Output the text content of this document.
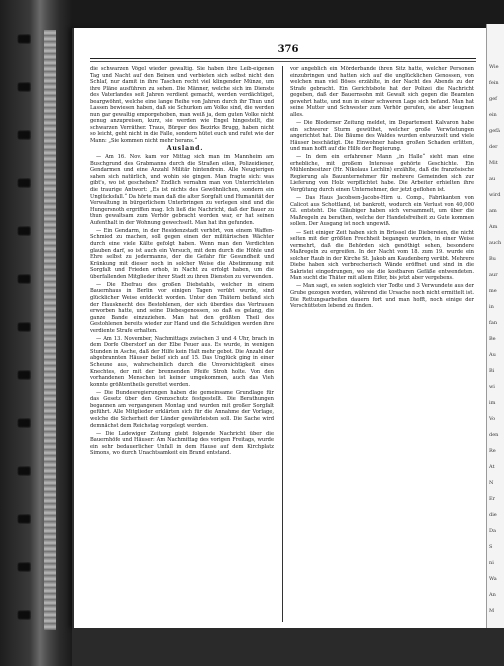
376

die schwarzen Vögel wieder gewaltig. Sie haben ihre Leib-eigenen Tag und Nacht auf den Beinen und verbieten sich selbst nicht den Schlaf, nur damit in ihre Taschen recht viel klingender Münze, um ihre Pläne ausführen zu sehen. Die Männer, welche sich im Dienste des Vaterlandes seit Jahren verdient gemacht, werden verdächtiget, beargwöhnt, welche eine lange Reihe von Jahren durch ihr Thun und Lassen bewiesen haben, daß sie Schurken am Volke sind, die werden nun gar gewaltig emporgehoben, man weiß ja, dem guten Volke nicht genug anzupreisen, kurz, sie werden wie Engel hingestellt, die schwarzen Verräther. Traus, Bürger des Bezirks Brugg, haben nicht so leicht, geht nicht in die Falle, sondern hütet euch und rufet wie der Mann: „Sie kommen nicht mehr herans.“

Ausland.

— Am 16. Nov. kam vor Mittag sich man im Mannheim am Buschgrund des Grabmanns durch die Straßen eilen, Polizeidiener, Gendarmen und eine Anzahl Militär hintendrein. Alle Neugierigen sahen sich natürlich, und wohin sie gingen. Man fragte sich: was gibt's, wo ist geschehen? Endlich vernahm man von Unterrichteten die traurige Antwort: „Es ist nichts des Gewöhnlichen, sondern ein Unglücksfall.“ Da hörte man daß die alter Sorgfalt und Humanität der Verwaltung in bürgerlichem Unterbringen zu verlegen sind und die Hungersnoth ergriffen mag. Ich ließ die Nachricht, daß der Bauer zu thun gewaltsam zum Verhör gebracht worden war, er hat seinen Aufenthalt in der Wohnung gewechselt. Man hat ihn gefunden.

— Ein Gendarm, in der Residenzstadt verhört, von einem Waffen-Schmied zu machen, soll gegen einen der militärischen Wächter durch eine viele Kälte gefolgt haben. Wenn man den Verdichten glauben darf, so ist auch ein Versuch, mit dem durch die Höhle und Ehre selbst zu jedermanns, der die Gefahr für Gesundheit und Kränkung mit dieser noch in solcher Weise die Abstimmung mit Sorgfalt und Frieden erhob, in Nacht zu erfolgt haben, um die überfallenden Mitglieder ihrer Stadt zu ihren Diensten zu verwenden.

— Die Ehefrau des großen Diebstahls, welcher in einem Bauernhaus in Berlin vor einigen Tagen verübt wurde, sind glücklicher Weise entdeckt worden. Unter den Thätern befand sich der Hausknecht des Bestohlenen, der sich überdies das Vertrauen erworben hatte, und seine Diebesgenossen, so daß es gelang, die ganze Bande einzuziehen. Man hat den größten Theil des Gestohlenen bereits wieder zur Hand und die Schuldigen werden ihre verdiente Strafe erhalten.

— Am 13. November, Nachmittags zwischen 3 und 4 Uhr, brach in dem Dorfe Oberstorf an der Elbe Feuer aus. Es wurde, in wenigen Stunden in Asche, daß der Hilfe kein Halt mehr gebot. Die Anzahl der abgebrannten Häuser belief sich auf 15. Das Unglück ging in einer Scheune aus, wahrscheinlich durch die Unvorsichtigkeit eines Knechtes, der mit der brennenden Pfeife Stroh holte. Von den vorhandenen Menschen ist keiner umgekommen, auch das Vieh konnte größtentheils gerettet werden.

— Die Bundesregierungen haben die gemeinsame Grundlage für das Gesetz über den Grenzschutz festgestellt. Die Berathungen begannen am vergangenen Montag und wurden mit großer Sorgfalt geführt. Alle Mitglieder erklärten sich für die Annahme der Vorlage, welche die Sicherheit der Länder gewährleisten soll. Die Sache wird demnächst dem Reichstag vorgelegt werden.

— Die Ladewiger Zeitung giebt folgende Nachricht über die Bauernhöfe und Häuser: Am Nachmittag des vorigen Freitags, wurde ein sehr bedauerlicher Unfall in dem Hause auf dem Kirchplatz Simons, wo durch Unachtsamkeit ein Brand entstand.

vor angeblich ein Mörderbande ihren Sitz hatte, welcher Personen einzubringen und hatten sich auf die unglücklichen Genossen, von welchen man viel Böses erzählte, in der Nacht des Abends zu der Strafe gebracht. Ein Gerichtsbote hat der Polizei die Nachricht gegeben, daß der Bauernsohn mit Gewalt sich gegen die Beamten gewehrt hatte, und nun in einer schweren Lage sich befand. Man hat seine Mutter und Schwester zum Verhör gerufen, sie aber leugnen alles.

— Die Bloderner Zeitung meldet, im Departement Kalvaron habe ein schwerer Sturm gewüthet, welcher große Verwüstungen angerichtet hat. Die Bäume des Waldes wurden entwurzelt und viele Häuser beschädigt. Die Einwohner haben großen Schaden erlitten, und man hofft auf die Hilfe der Regierung.

— In dem ein erfahrener Mann „in Halle“ sieht man eine erhebliche, mit großem Interesse gehörte Geschichte. Ein Mühlenbesitzer (Hr. Nikolaus Lechlin) erzählte, daß die französische Regierung als Bauunternehmer für mehrere Gemeinden sich zur Lieferung von Holz verpflichtet habe. Die Arbeiter erhielten ihre Vergütung durch einen Unternehmer, der jetzt geflohen ist.

— Das Haus Jacobsen-Jacobs-Hirn u. Comp., Fabrikanten von Calicot aus Schottland, ist bankrott, wodurch ein Verlust von 40,000 Gl. entsteht. Die Gläubiger haben sich versammelt, um über die Maßregeln zu berathen, welche der Handelsfreiheit zu Gute kommen sollen. Der Ausgang ist noch ungewiß.

— Seit einiger Zeit haben sich in Brüssel die Diebereien, die nicht selten mit der größten Frechheit begangen wurden, in einer Weise vermehrt, daß die Behörden sich genöthigt sehen, besondere Maßregeln zu ergreifen. In der Nacht vom 18. zum 19. wurde ein solcher Raub in der Kirche St. Jakob am Kaudenberg verübt. Mehrere Diebe haben sich verbrecherisch Wände eröffnet und sind in die Sakristei eingedrungen, wo sie die kostbaren Gefäße entwendeten. Man sucht die Thäter mit allem Eifer, bis jetzt aber vergebens.

— Man sagt, es seien sogleich vier Todte und 3 Verwundete aus der Grube gezogen worden, während die Ursache noch nicht ermittelt ist. Die Rettungsarbeiten dauern fort und man hofft, noch einige der Verschütteten lebend zu finden.

Wie
fein
gef
ein
gefä
der
Mit
au
wird
am
Am
auch
Bu
aur
me
in
fan
Be
Au
Bi
wi
im
Vo
den
Re
At
N
Er
die
Da
S
ni
Wa
An
M
